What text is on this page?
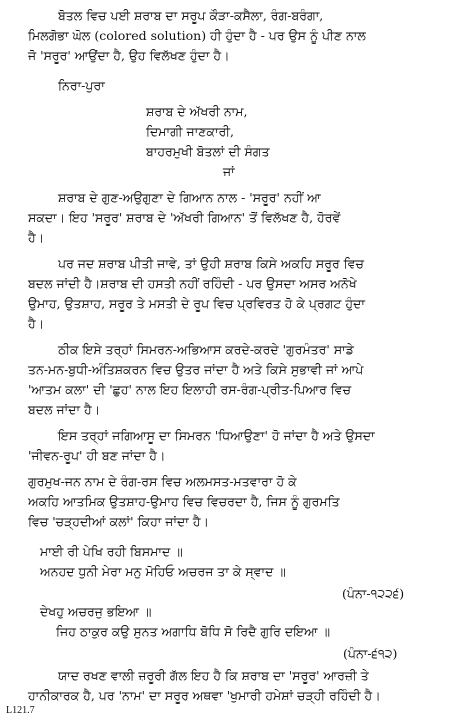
ਬੋਤਲ ਵਿਚ ਪਈ ਸ਼ਰਾਬ ਦਾ ਸਰੂਪ ਕੌੜਾ-ਕਸੈਲਾ, ਰੰਗ-ਬਰੰਗਾ,
ਮਿਲਗੋਭਾ ਘੋਲ (colored solution) ਹੀ ਹੁੰਦਾ ਹੈ - ਪਰ ਉਸ ਨੂੰ ਪੀਣ ਨਾਲ
ਜੋ 'ਸਰੂਰ' ਆਉਂਦਾ ਹੈ, ਉਹ ਵਿਲੱਖਣ ਹੁੰਦਾ ਹੈ।
ਨਿਰਾ-ਪੁਰਾ
ਸ਼ਰਾਬ ਦੇ ਅੱਖਰੀ ਨਾਮ,
ਦਿਮਾਗੀ ਜਾਣਕਾਰੀ,
ਬਾਹਰਮੁਖੀ ਬੋਤਲਾਂ ਦੀ ਸੰਗਤ
ਜਾਂ
ਸ਼ਰਾਬ ਦੇ ਗੁਣ-ਅਉਗੁਣਾ ਦੇ ਗਿਆਨ ਨਾਲ - 'ਸਰੂਰ' ਨਹੀਂ ਆ
ਸਕਦਾ। ਇਹ 'ਸਰੂਰ' ਸ਼ਰਾਬ ਦੇ 'ਅੱਖਰੀ ਗਿਆਨ' ਤੋਂ ਵਿਲੱਖਣ ਹੈ, ਹੋਰਵੇਂ
ਹੈ।
ਪਰ ਜਦ ਸ਼ਰਾਬ ਪੀਤੀ ਜਾਵੇ, ਤਾਂ ਉਹੀ ਸ਼ਰਾਬ ਕਿਸੇ ਅਕਹਿ ਸਰੂਰ ਵਿਚ
ਬਦਲ ਜਾਂਦੀ ਹੈ।ਸ਼ਰਾਬ ਦੀ ਹਸਤੀ ਨਹੀਂ ਰਹਿੰਦੀ - ਪਰ ਉਸਦਾ ਅਸਰ ਅਨੋਖੇ
ਉਮਾਹ, ਉਤਸ਼ਾਹ, ਸਰੂਰ ਤੇ ਮਸਤੀ ਦੇ ਰੂਪ ਵਿਚ ਪ੍ਰਵਿਰਤ ਹੋ ਕੇ ਪ੍ਰਗਟ ਹੁੰਦਾ
ਹੈ।
ਠੀਕ ਇਸੇ ਤਰ੍ਹਾਂ ਸਿਮਰਨ-ਅਭਿਆਸ ਕਰਦੇ-ਕਰਦੇ 'ਗੁਰਮੰਤਰ' ਸਾਡੇ
ਤਨ-ਮਨ-ਬੁਧੀ-ਅੰਤਿਸ਼ਕਰਨ ਵਿਚ ਉਤਰ ਜਾਂਦਾ ਹੈ ਅਤੇ ਕਿਸੇ ਸੁਭਾਵੀ ਜਾਂ ਆਪੇ
'ਆਤਮ ਕਲਾ' ਦੀ 'ਛੁਹ' ਨਾਲ ਇਹ ਇਲਾਹੀ ਰਸ-ਰੰਗ-ਪ੍ਰੀਤ-ਪਿਆਰ ਵਿਚ
ਬਦਲ ਜਾਂਦਾ ਹੈ।
ਇਸ ਤਰ੍ਹਾਂ ਜਗਿਆਸੂ ਦਾ ਸਿਮਰਨ 'ਧਿਆਉਣਾ' ਹੋ ਜਾਂਦਾ ਹੈ ਅਤੇ ਉਸਦਾ
'ਜੀਵਨ-ਰੂਪ' ਹੀ ਬਣ ਜਾਂਦਾ ਹੈ।
ਗੁਰਮੁਖ-ਜਨ ਨਾਮ ਦੇ ਰੰਗ-ਰਸ ਵਿਚ ਅਲਮਸਤ-ਮਤਵਾਰਾ ਹੋ ਕੇ
ਅਕਹਿ ਆਤਮਿਕ ਉਤਸ਼ਾਹ-ਉਮਾਹ ਵਿਚ ਵਿਚਰਦਾ ਹੈ, ਜਿਸ ਨੂੰ ਗੁਰਮਤਿ
ਵਿਚ 'ਚੜ੍ਹਦੀਆਂ ਕਲਾਂ' ਕਿਹਾ ਜਾਂਦਾ ਹੈ।
ਮਾਈ ਰੀ ਪੇਖਿ ਰਹੀ ਬਿਸਮਾਦ ॥
ਅਨਹਦ ਧੁਨੀ ਮੇਰਾ ਮਨੁ ਮੋਹਿਓ ਅਚਰਜ ਤਾ ਕੇ ਸ੍ਵਾਦ ॥
(ਪੰਨਾ-੧੨੨੬)
ਦੇਖਹੁ ਅਚਰਜੁ ਭਇਆ ॥
ਜਿਹ ਠਾਕੁਰ ਕਉ ਸੁਨਤ ਅਗਾਧਿ ਬੋਧਿ ਸੋ ਰਿਦੈ ਗੁਰਿ ਦਇਆ ॥
(ਪੰਨਾ-੬੧੨)
ਯਾਦ ਰਖਣ ਵਾਲੀ ਜ਼ਰੂਰੀ ਗੱਲ ਇਹ ਹੈ ਕਿ ਸ਼ਰਾਬ ਦਾ 'ਸਰੂਰ' ਆਰਜ਼ੀ ਤੇ
ਹਾਨੀਕਾਰਕ ਹੈ, ਪਰ 'ਨਾਮ' ਦਾ ਸਰੂਰ ਅਥਵਾ 'ਖੁਮਾਰੀ ਹਮੇਸ਼ਾਂ ਚੜ੍ਹੀ ਰਹਿੰਦੀ ਹੈ।
L121.7
